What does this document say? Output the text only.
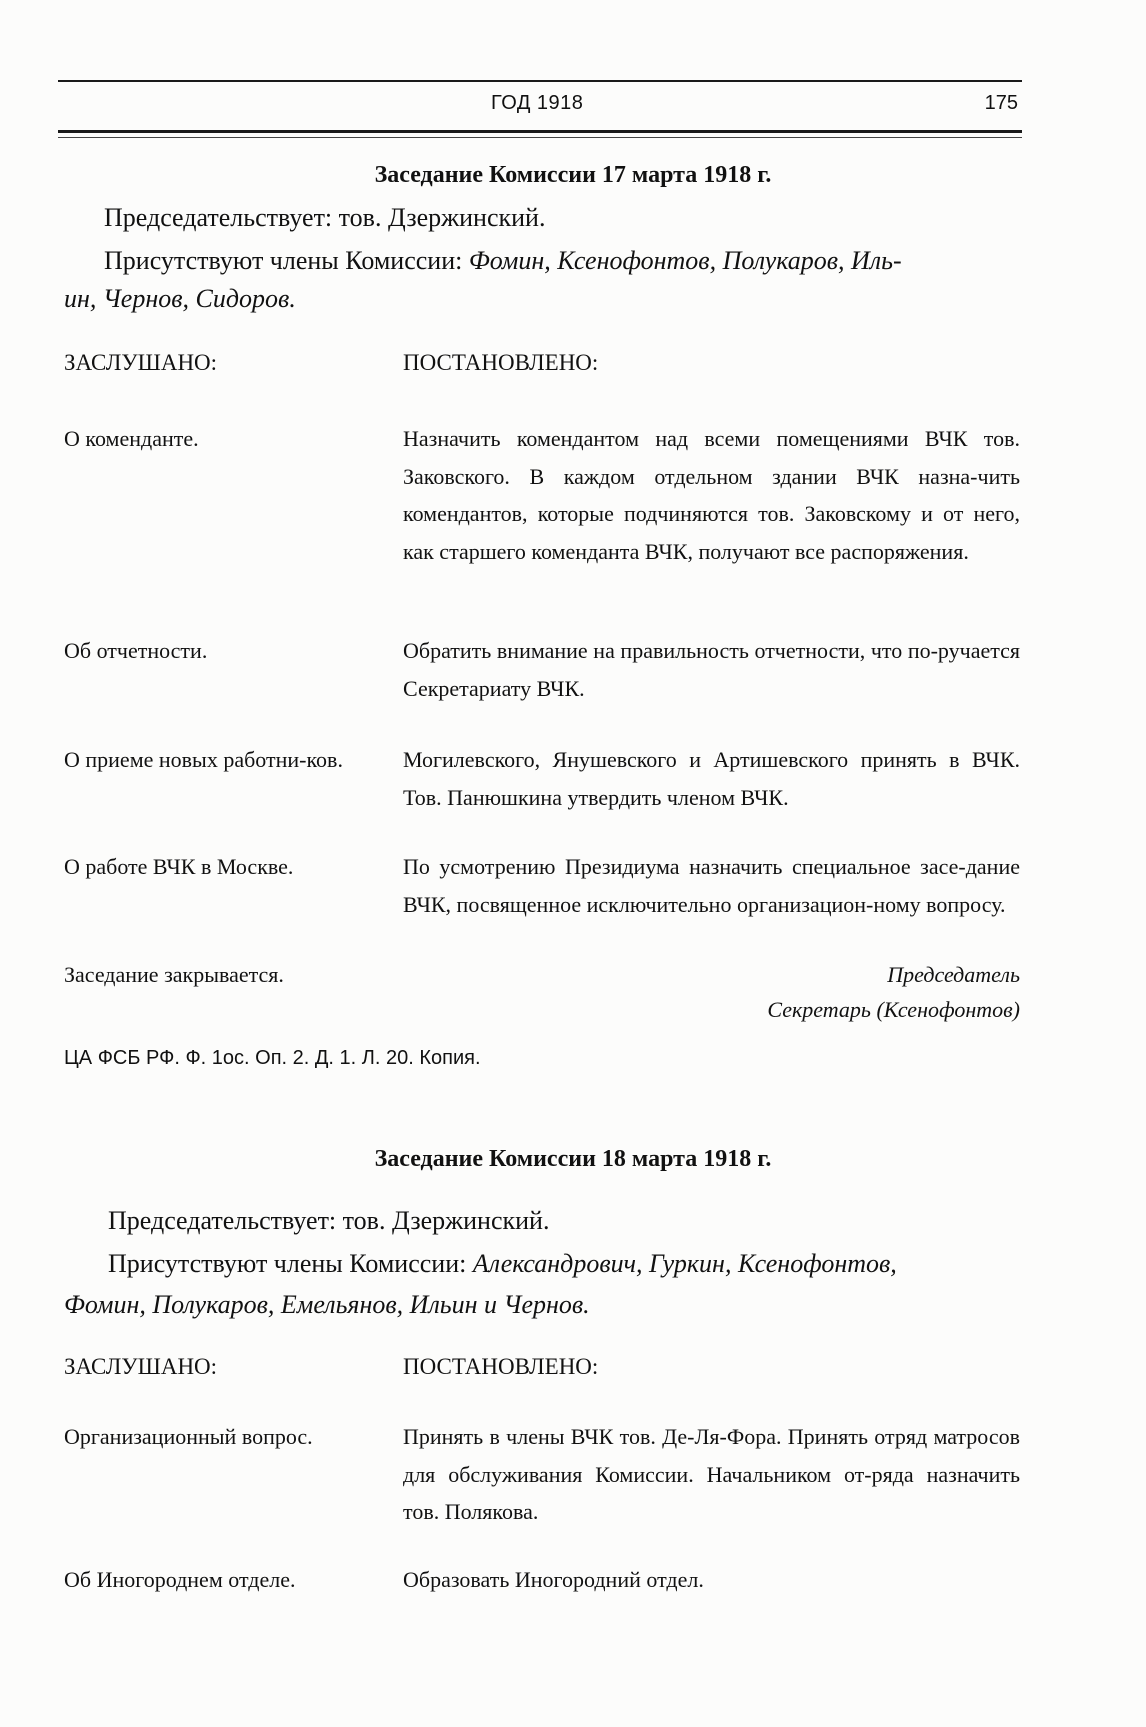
ГОД 1918	175
Заседание Комиссии 17 марта 1918 г.
Председательствует: тов. Дзержинский.
Присутствуют члены Комиссии: Фомин, Ксенофонтов, Полукаров, Иль-
ин, Чернов, Сидоров.
ЗАСЛУШАНО:	ПОСТАНОВЛЕНО:
О коменданте.	Назначить комендантом над всеми помещениями ВЧК тов. Заковского. В каждом отдельном здании ВЧК назна-чить комендантов, которые подчиняются тов. Заковскому и от него, как старшего коменданта ВЧК, получают все распоряжения.
Об отчетности.	Обратить внимание на правильность отчетности, что по-ручается Секретариату ВЧК.
О приеме новых работни-ков.	Могилевского, Янушевского и Артишевского принять в ВЧК. Тов. Панюшкина утвердить членом ВЧК.
О работе ВЧК в Москве.	По усмотрению Президиума назначить специальное засе-дание ВЧК, посвященное исключительно организацион-ному вопросу.
Заседание закрывается.	Председатель
Секретарь (Ксенофонтов)
ЦА ФСБ РФ. Ф. 1ос. Оп. 2. Д. 1. Л. 20. Копия.
Заседание Комиссии 18 марта 1918 г.
Председательствует: тов. Дзержинский.
Присутствуют члены Комиссии: Александрович, Гуркин, Ксенофонтов,
Фомин, Полукаров, Емельянов, Ильин и Чернов.
ЗАСЛУШАНО:	ПОСТАНОВЛЕНО:
Организационный вопрос.	Принять в члены ВЧК тов. Де-Ля-Фора. Принять отряд матросов для обслуживания Комиссии. Начальником от-ряда назначить тов. Полякова.
Об Иногороднем отделе.	Образовать Иногородний отдел.
